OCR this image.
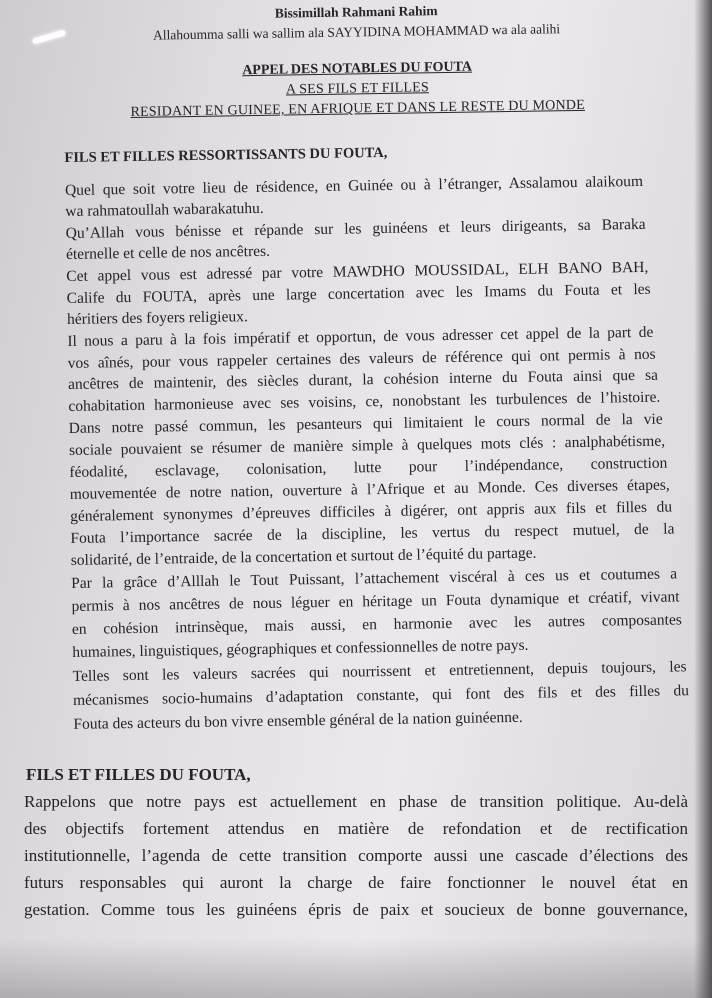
Bissimillah Rahmani Rahim
Allahoumma salli wa sallim ala SAYYIDINA MOHAMMAD wa ala aalihi
APPEL DES NOTABLES DU FOUTA
A SES FILS ET FILLES
RESIDANT EN GUINEE, EN AFRIQUE ET DANS LE RESTE DU MONDE
FILS ET FILLES RESSORTISSANTS DU FOUTA,
Quel que soit votre lieu de résidence, en Guinée ou à l’étranger, Assalamou alaikoum
wa rahmatoullah wabarakatuhu.
Qu’Allah vous bénisse et répande sur les guinéens et leurs dirigeants, sa Baraka
éternelle et celle de nos ancêtres.
Cet appel vous est adressé par votre MAWDHO MOUSSIDAL, ELH BANO BAH,
Calife du FOUTA, après une large concertation avec les Imams du Fouta et les
héritiers des foyers religieux.
Il nous a paru à la fois impératif et opportun, de vous adresser cet appel de la part de
vos aînés, pour vous rappeler certaines des valeurs de référence qui ont permis à nos
ancêtres de maintenir, des siècles durant, la cohésion interne du Fouta ainsi que sa
cohabitation harmonieuse avec ses voisins, ce, nonobstant les turbulences de l’histoire.
Dans notre passé commun, les pesanteurs qui limitaient le cours normal de la vie
sociale pouvaient se résumer de manière simple à quelques mots clés : analphabétisme,
féodalité, esclavage, colonisation, lutte pour l’indépendance, construction
mouvementée de notre nation, ouverture à l’Afrique et au Monde. Ces diverses étapes,
généralement synonymes d’épreuves difficiles à digérer, ont appris aux fils et filles du
Fouta l’importance sacrée de la discipline, les vertus du respect mutuel, de la
solidarité, de l’entraide, de la concertation et surtout de l’équité du partage.
Par la grâce d’Alllah le Tout Puissant, l’attachement viscéral à ces us et coutumes a
permis à nos ancêtres de nous léguer en héritage un Fouta dynamique et créatif, vivant
en cohésion intrinsèque, mais aussi, en harmonie avec les autres composantes
humaines, linguistiques, géographiques et confessionnelles de notre pays.
Telles sont les valeurs sacrées qui nourrissent et entretiennent, depuis toujours, les
mécanismes socio-humains d’adaptation constante, qui font des fils et des filles du
Fouta des acteurs du bon vivre ensemble général de la nation guinéenne.
FILS ET FILLES DU FOUTA,
Rappelons que notre pays est actuellement en phase de transition politique. Au-delà
des objectifs fortement attendus en matière de refondation et de rectification
institutionnelle, l’agenda de cette transition comporte aussi une cascade d’élections des
futurs responsables qui auront la charge de faire fonctionner le nouvel état en
gestation. Comme tous les guinéens épris de paix et soucieux de bonne gouvernance,
